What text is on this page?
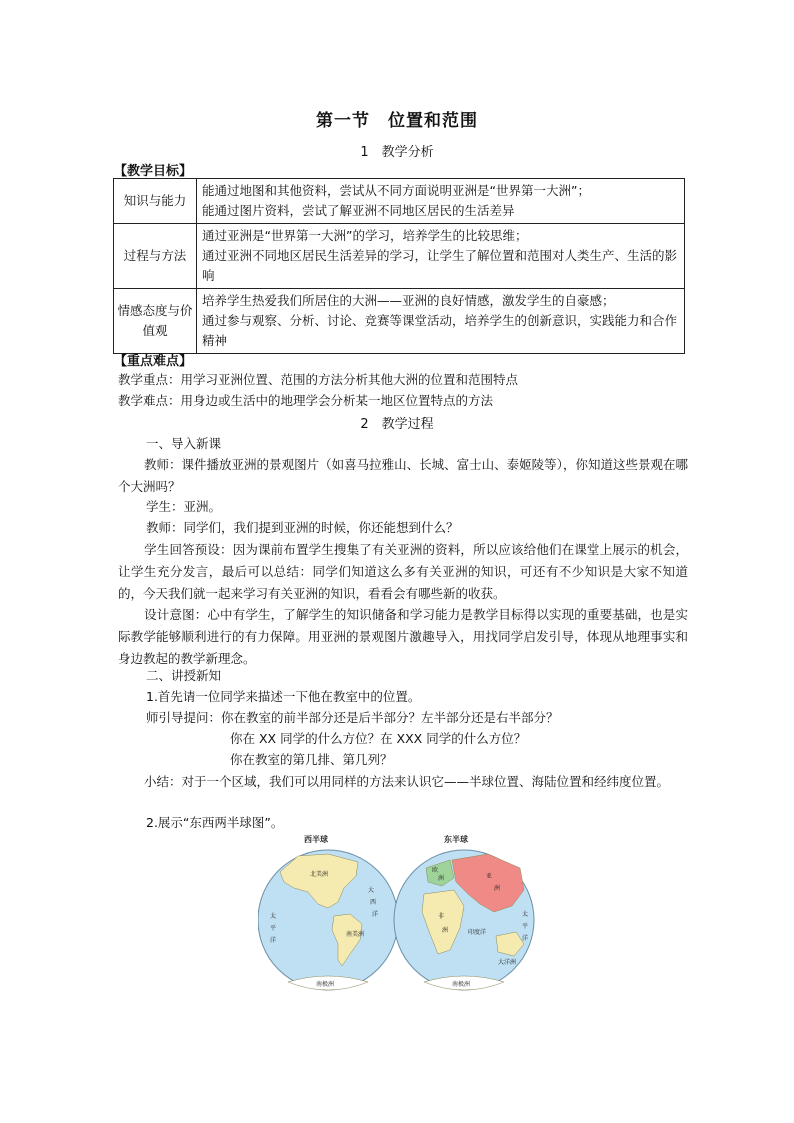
第一节　位置和范围
1　教学分析
【教学目标】
知识与能力	能通过地图和其他资料，尝试从不同方面说明亚洲是“世界第一大洲”；
能通过图片资料，尝试了解亚洲不同地区居民的生活差异

过程与方法	通过亚洲是“世界第一大洲”的学习，培养学生的比较思维；
通过亚洲不同地区居民生活差异的学习，让学生了解位置和范围对人类生产、生活的影响

情感态度与价值观	培养学生热爱我们所居住的大洲——亚洲的良好情感，激发学生的自豪感；
通过参与观察、分析、讨论、竞赛等课堂活动，培养学生的创新意识，实践能力和合作精神
【重点难点】
教学重点：用学习亚洲位置、范围的方法分析其他大洲的位置和范围特点
教学难点：用身边或生活中的地理学会分析某一地区位置特点的方法
2　教学过程
一、导入新课
教师：课件播放亚洲的景观图片（如喜马拉雅山、长城、富士山、泰姬陵等），你知道这些景观在哪个大洲吗？
学生：亚洲。
教师：同学们，我们提到亚洲的时候，你还能想到什么？
学生回答预设：因为课前布置学生搜集了有关亚洲的资料，所以应该给他们在课堂上展示的机会，让学生充分发言，最后可以总结：同学们知道这么多有关亚洲的知识，可还有不少知识是大家不知道的，今天我们就一起来学习有关亚洲的知识，看看会有哪些新的收获。
设计意图：心中有学生，了解学生的知识储备和学习能力是教学目标得以实现的重要基础，也是实际教学能够顺利进行的有力保障。用亚洲的景观图片激趣导入，用找同学启发引导，体现从地理事实和身边教起的教学新理念。
二、讲授新知
1.首先请一位同学来描述一下他在教室中的位置。
师引导提问：你在教室的前半部分还是后半部分？左半部分还是右半部分？
你在 XX 同学的什么方位？在 XXX 同学的什么方位？
你在教室的第几排、第几列？
小结：对于一个区域，我们可以用同样的方法来认识它——半球位置、海陆位置和经纬度位置。
2.展示“东西两半球图”。
西半球	东半球
北美洲
南美洲
大
西
洋
太
平
洋
南极洲
亚
洲
欧
洲
非
洲	印度洋
大洋洲
太
平
洋
南极洲
